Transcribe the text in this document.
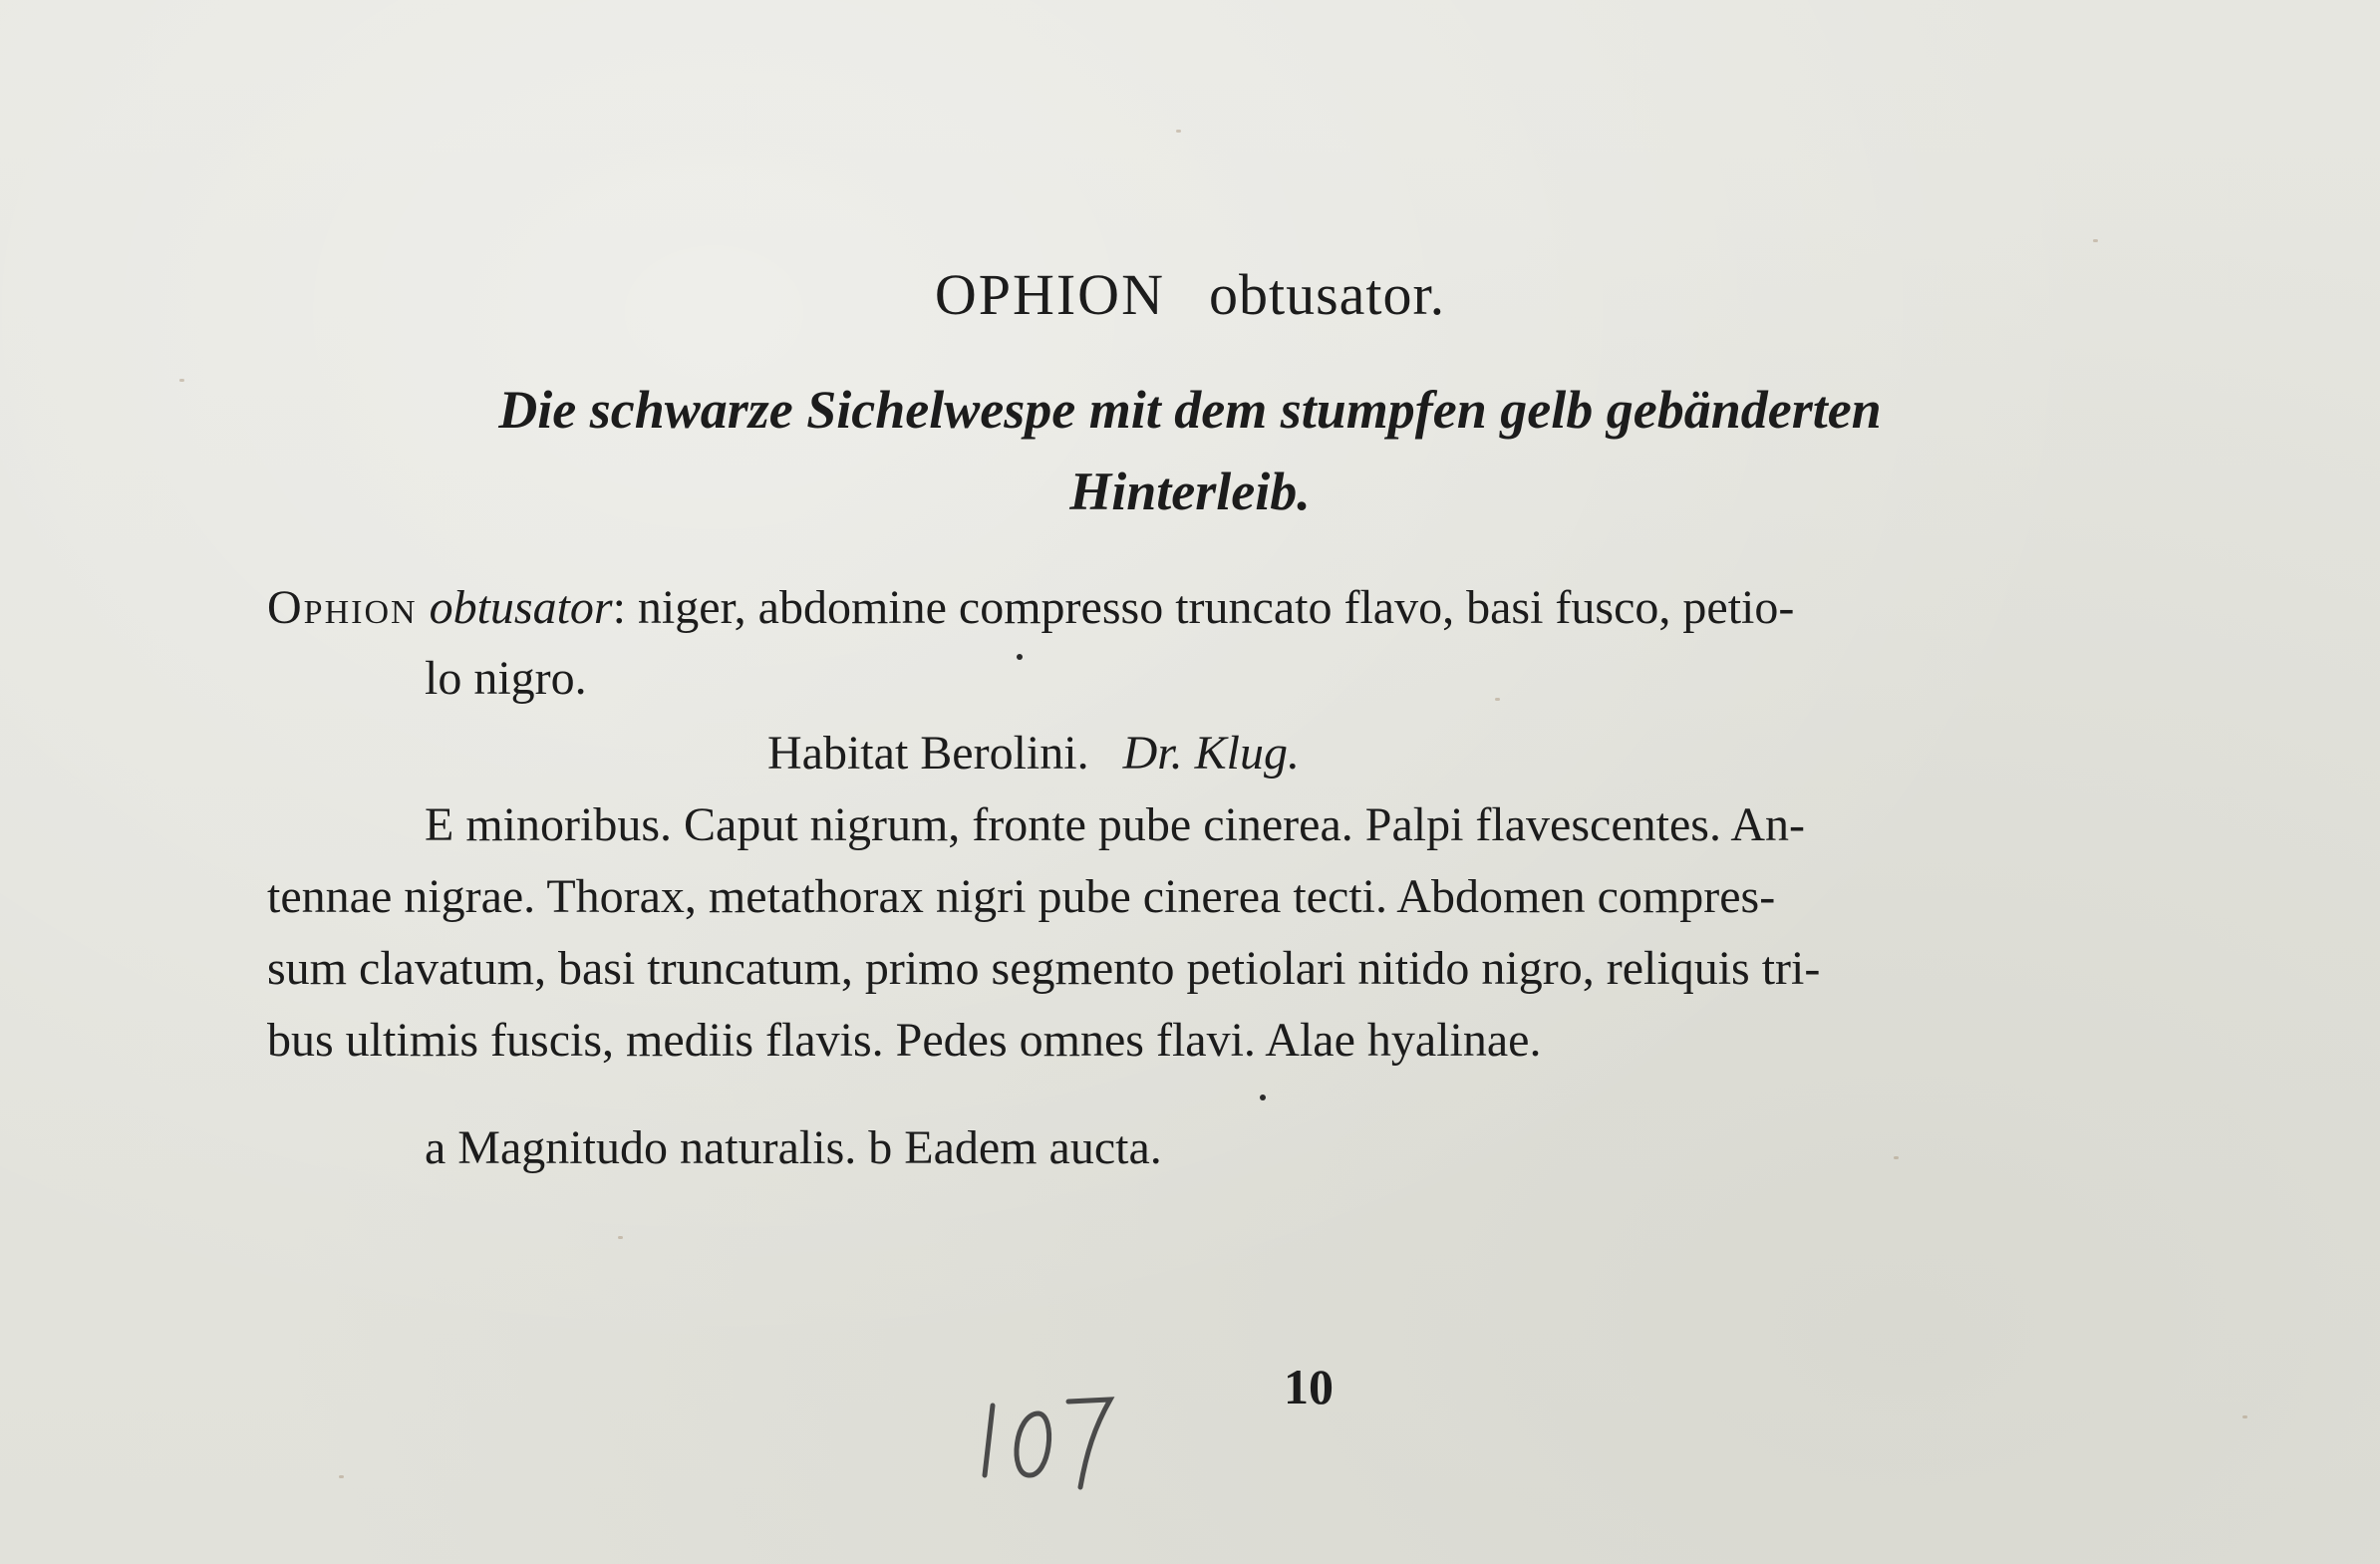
OPHION obtusator.
Die schwarze Sichelwespe mit dem stumpfen gelb gebänderten
Hinterleib.
Ophion obtusator: niger, abdomine compresso truncato flavo, basi fusco, petio-
lo nigro.
Habitat Berolini. Dr. Klug.
E minoribus. Caput nigrum, fronte pube cinerea. Palpi flavescentes. An-
tennae nigrae. Thorax, metathorax nigri pube cinerea tecti. Abdomen compres-
sum clavatum, basi truncatum, primo segmento petiolari nitido nigro, reliquis tri-
bus ultimis fuscis, mediis flavis. Pedes omnes flavi. Alae hyalinae.
a Magnitudo naturalis. b Eadem aucta.
10
